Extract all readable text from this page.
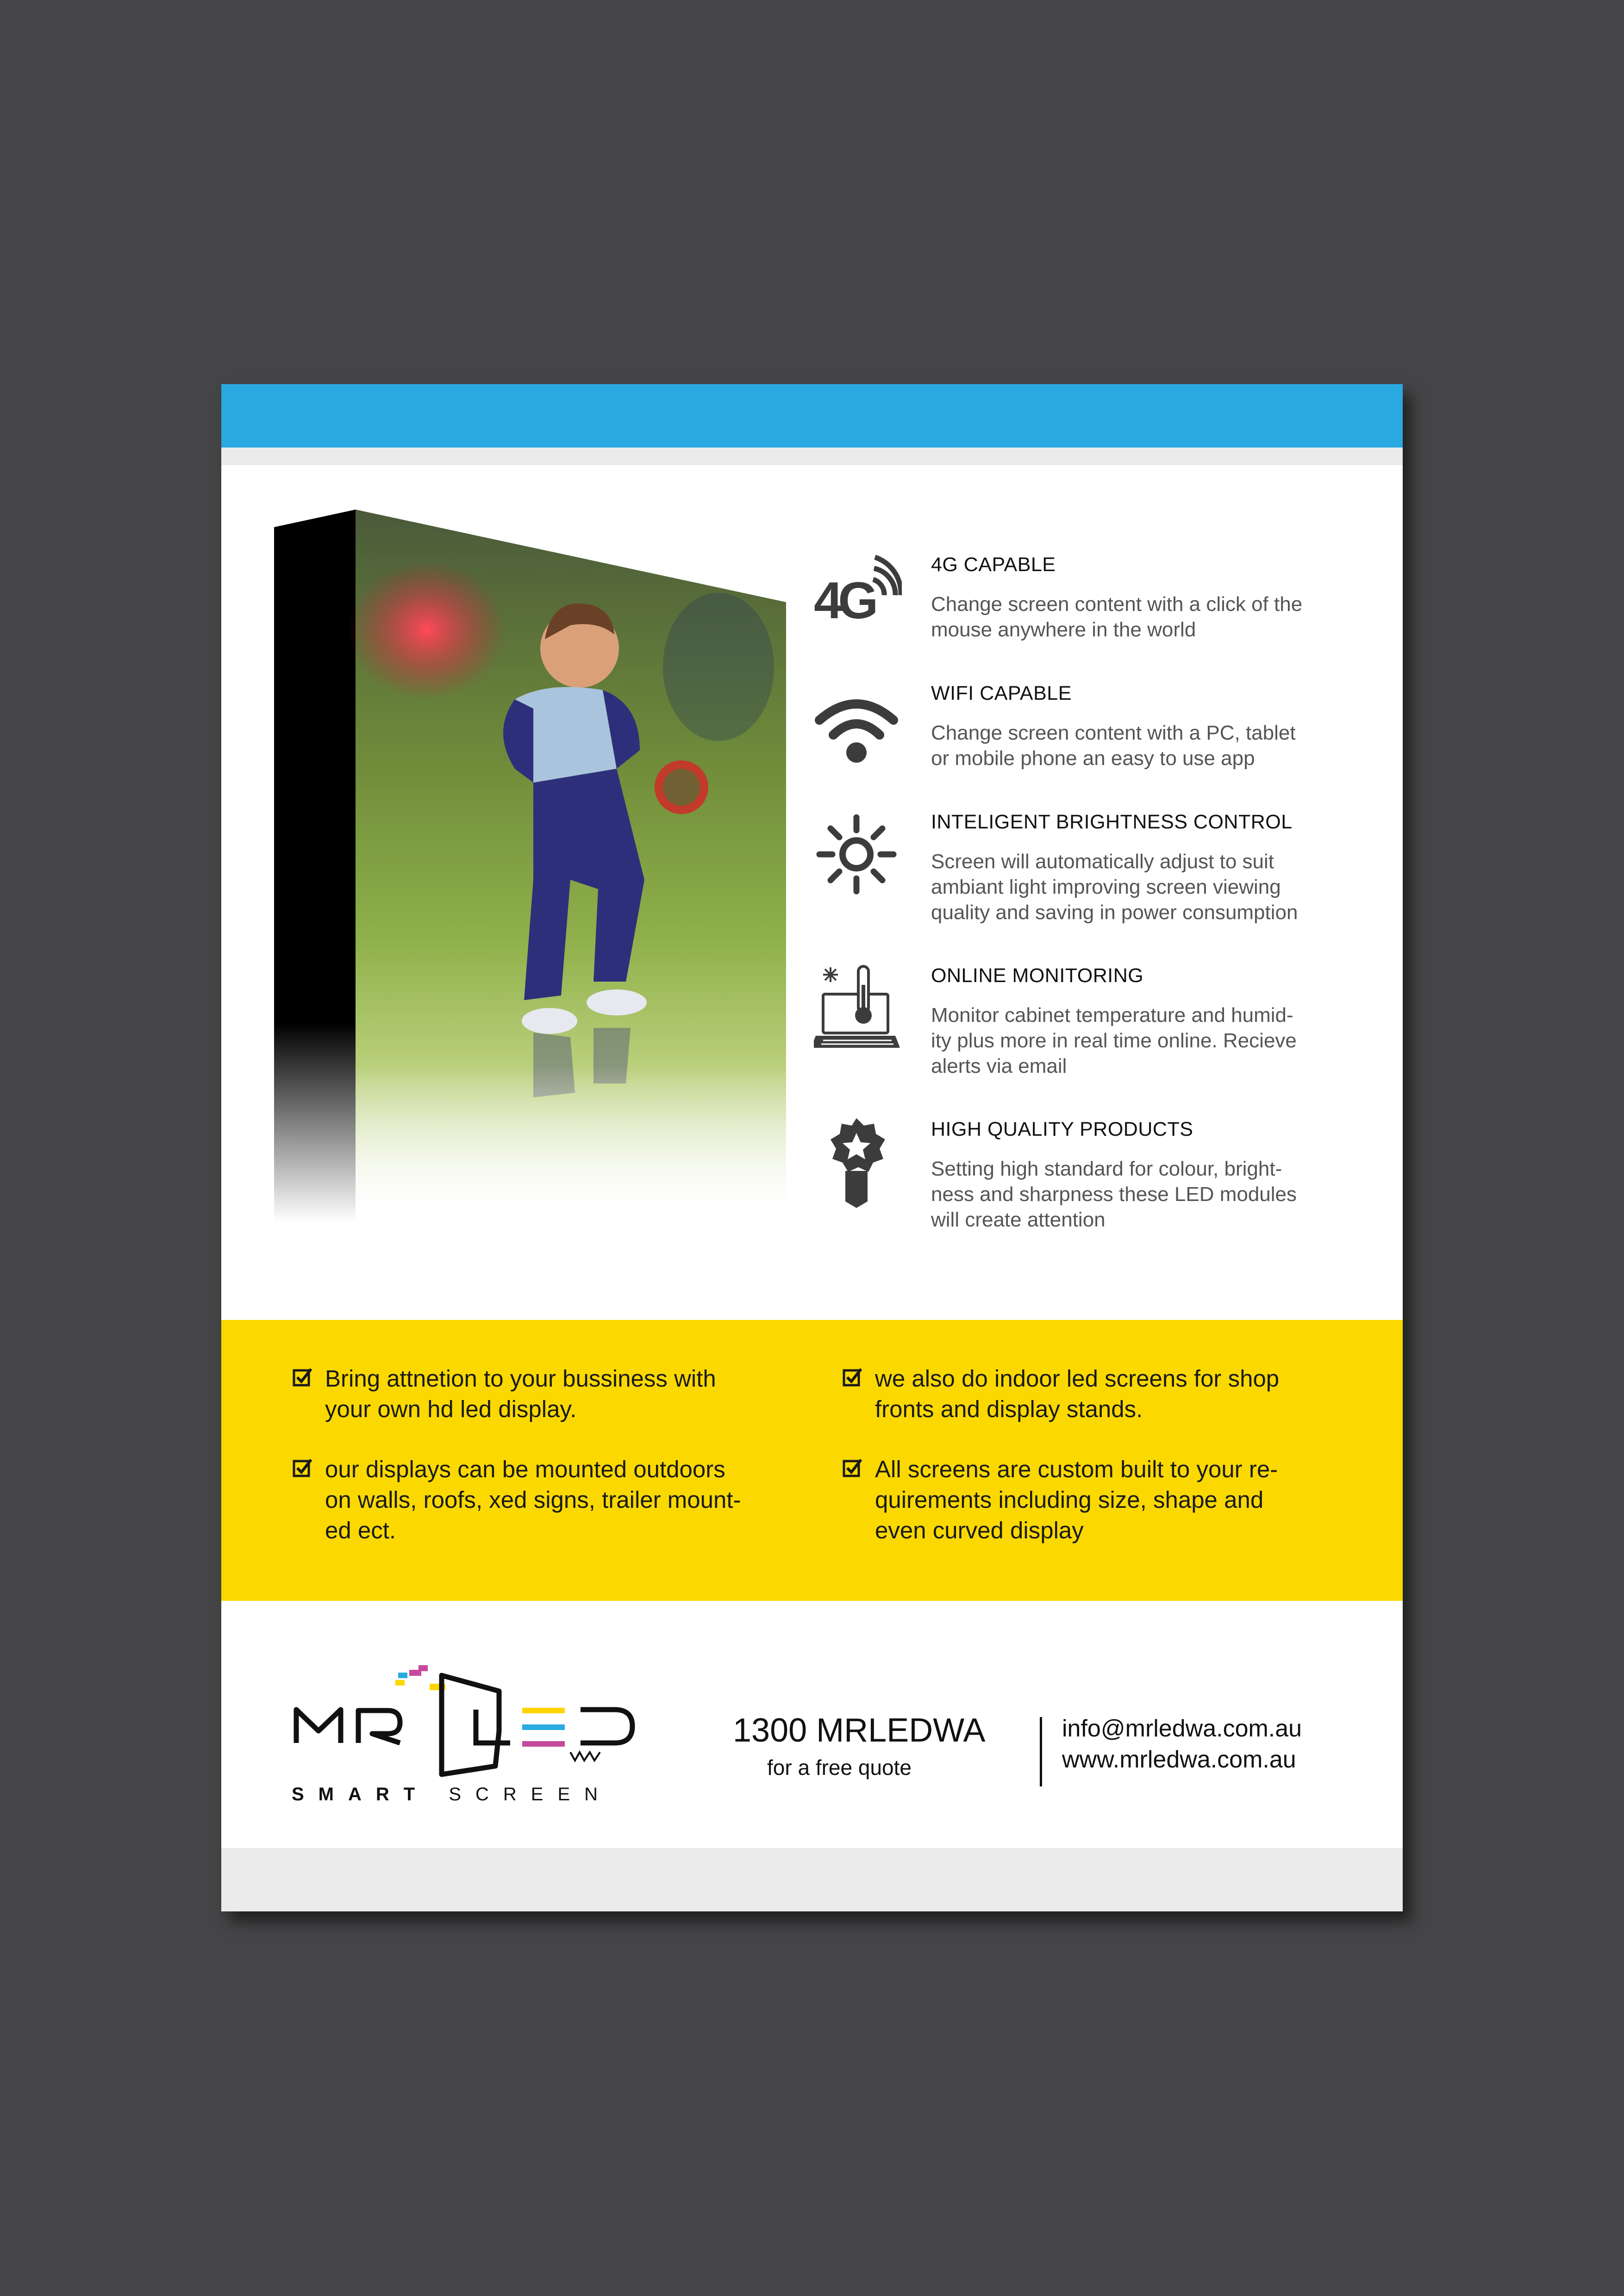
4G
4G CAPABLE
Change screen content with a click of the
mouse anywhere in the world
WIFI CAPABLE
Change screen content with a PC, tablet
or mobile phone an easy to use app
INTELIGENT BRIGHTNESS CONTROL
Screen will automatically adjust to suit
ambiant light improving screen viewing
quality and saving in power consumption
ONLINE MONITORING
Monitor cabinet temperature and humid-
ity plus more in real time online. Recieve
alerts via email
HIGH QUALITY PRODUCTS
Setting high standard for colour, bright-
ness and sharpness these LED modules
will create attention
Bring attnetion to your bussiness with
your own hd led display.
our displays can be mounted outdoors
on walls, roofs, xed signs, trailer mount-
ed ect.
we also do indoor led screens for shop
fronts and display stands.
All screens are custom built to your re-
quirements including size, shape and
even curved display
SMART SCREEN
1300 MRLEDWA
for a free quote
info@mrledwa.com.au
www.mrledwa.com.au
